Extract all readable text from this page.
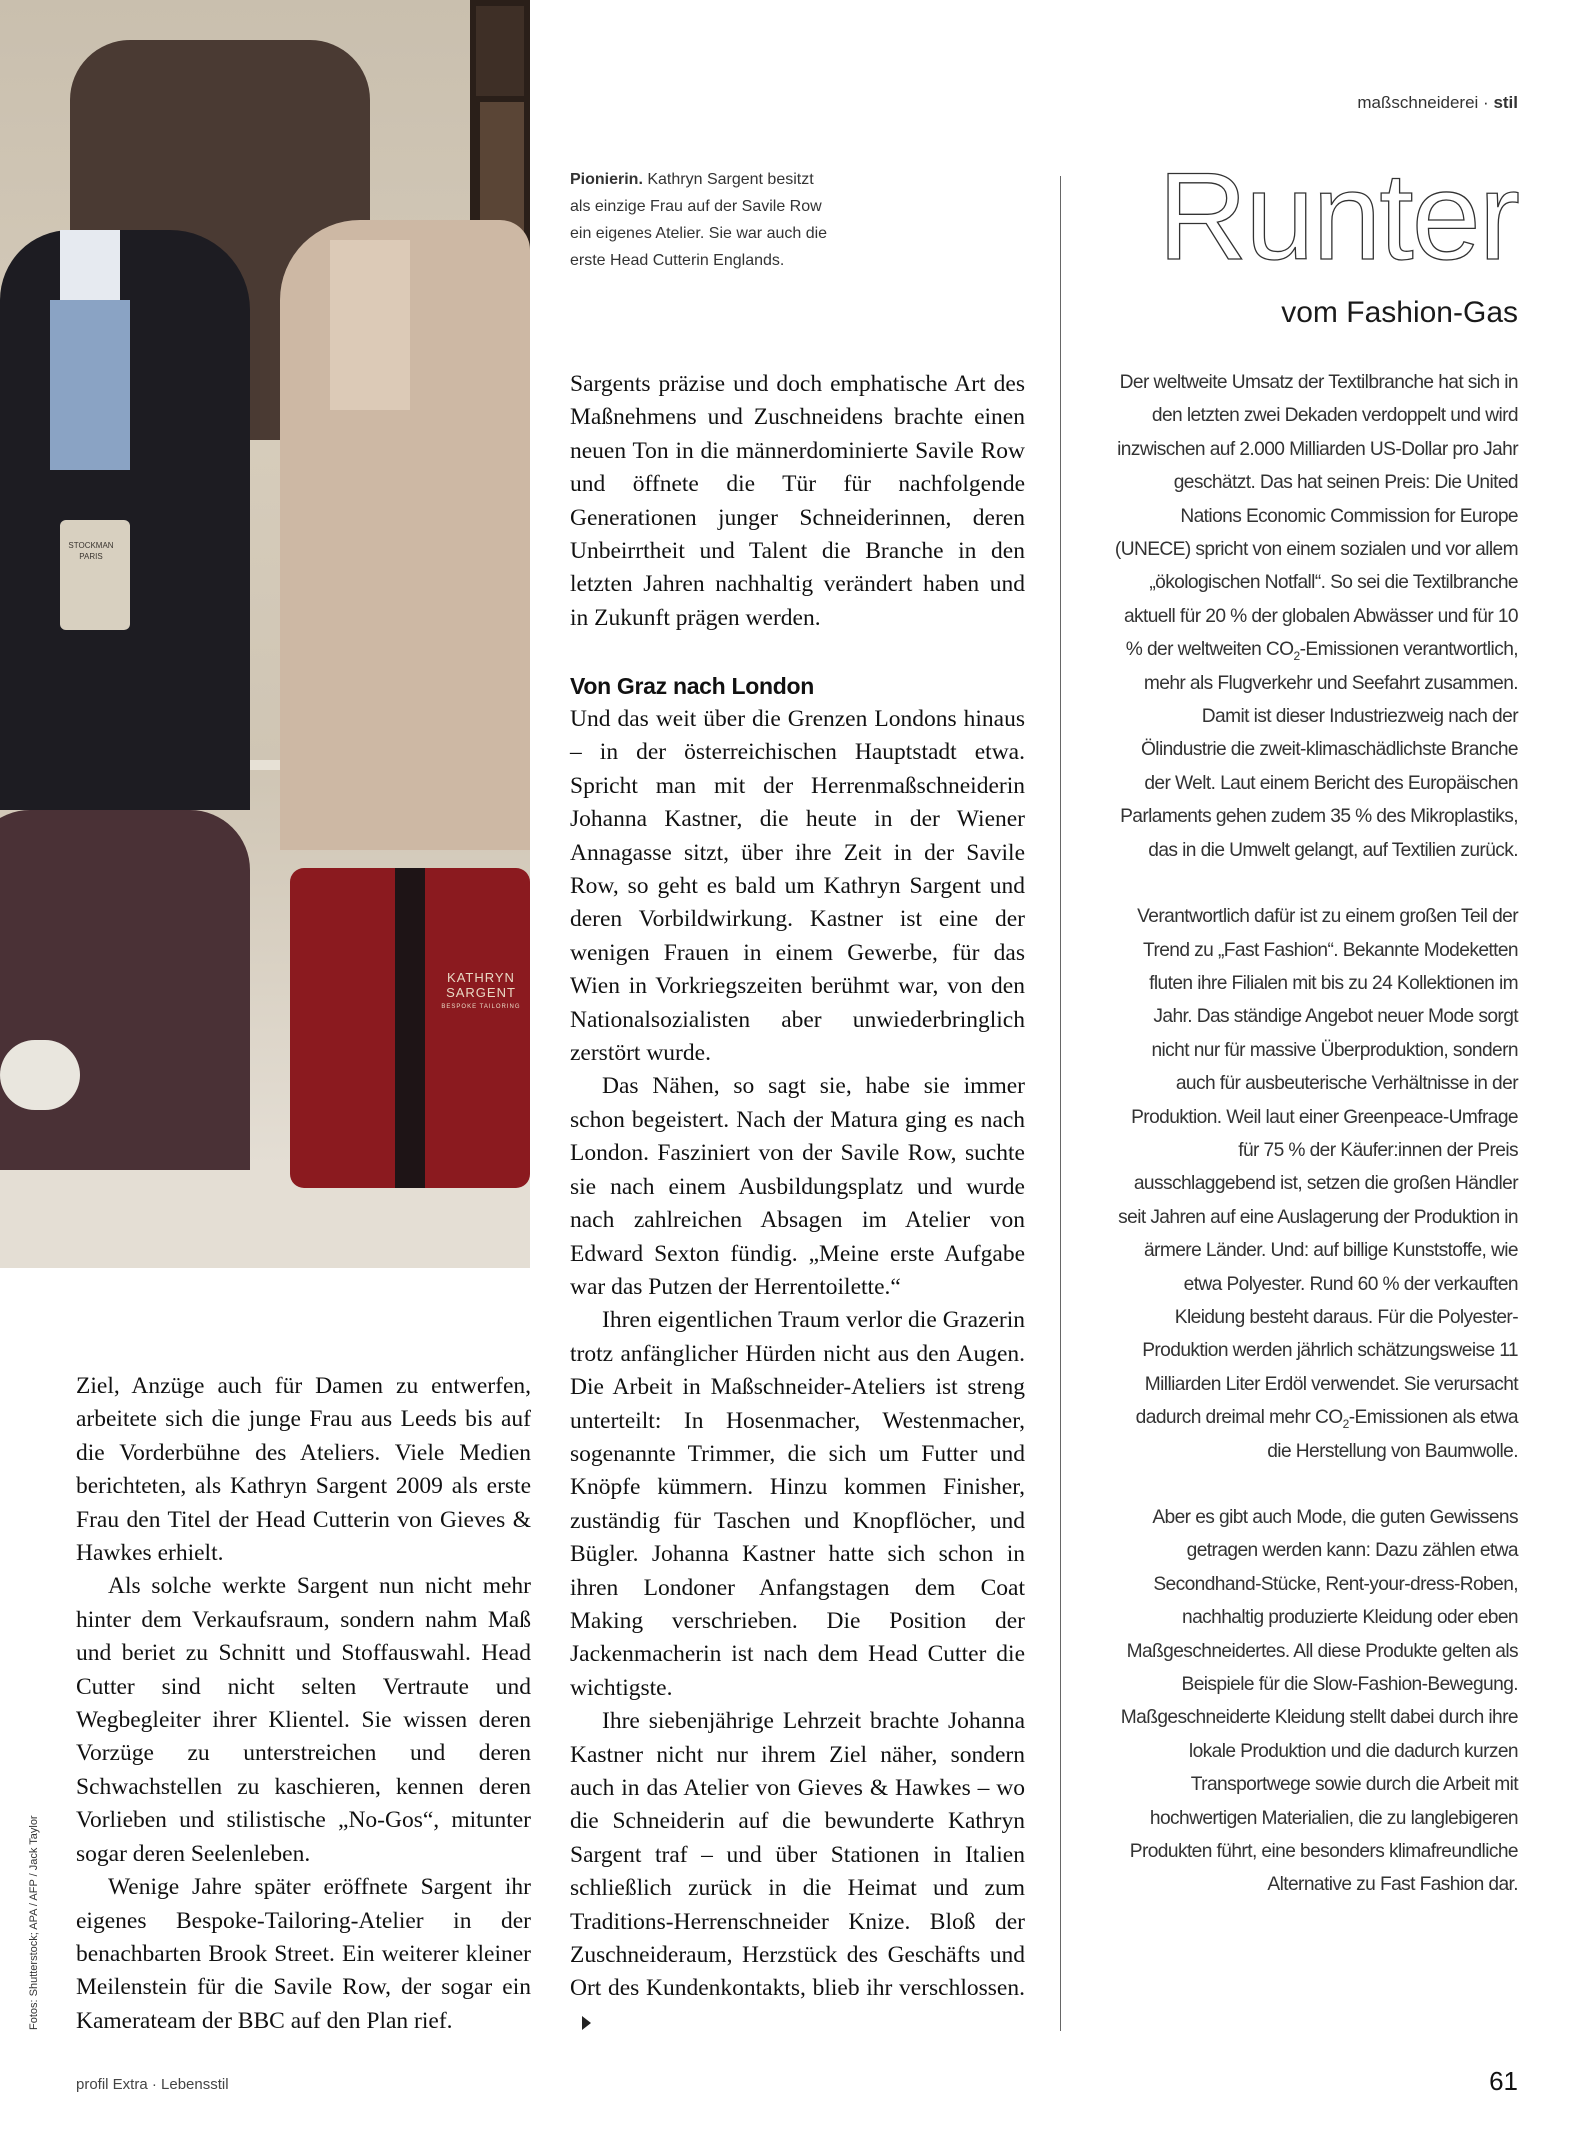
STOCKMAN PARIS
KATHRYN
SARGENT
BESPOKE TAILORING
Fotos: Shutterstock; APA / AFP / Jack Taylor
maßschneiderei · stil
Pionierin. Kathryn Sargent besitzt als einzige Frau auf der Savile Row ein eigenes Atelier. Sie war auch die erste Head Cutterin Englands.

Sargents präzise und doch emphatische Art des Maßnehmens und Zuschneidens brachte einen neuen Ton in die männerdominierte Savile Row und öffnete die Tür für nachfolgende Generationen junger Schneiderinnen, deren Unbeirrtheit und Talent die Branche in den letzten Jahren nachhaltig verändert haben und in Zukunft prägen werden.

Von Graz nach London

Und das weit über die Grenzen Londons hinaus – in der österreichischen Hauptstadt etwa. Spricht man mit der Herrenmaßschneiderin Johanna Kastner, die heute in der Wiener Annagasse sitzt, über ihre Zeit in der Savile Row, so geht es bald um Kathryn Sargent und deren Vorbildwirkung. Kastner ist eine der wenigen Frauen in einem Gewerbe, für das Wien in Vorkriegszeiten berühmt war, von den Nationalsozialisten aber unwiederbringlich zerstört wurde.

Das Nähen, so sagt sie, habe sie immer schon begeistert. Nach der Matura ging es nach London. Fasziniert von der Savile Row, suchte sie nach einem Ausbildungsplatz und wurde nach zahlreichen Absagen im Atelier von Edward Sexton fündig. „Meine erste Aufgabe war das Putzen der Herrentoilette.“

Ihren eigentlichen Traum verlor die Grazerin trotz anfänglicher Hürden nicht aus den Augen. Die Arbeit in Maßschneider-Ateliers ist streng unterteilt: In Hosenmacher, Westenmacher, sogenannte Trimmer, die sich um Futter und Knöpfe kümmern. Hinzu kommen Finisher, zuständig für Taschen und Knopflöcher, und Bügler. Johanna Kastner hatte sich schon in ihren Londoner Anfangstagen dem Coat Making verschrieben. Die Position der Jackenmacherin ist nach dem Head Cutter die wichtigste.

Ihre siebenjährige Lehrzeit brachte Johanna Kastner nicht nur ihrem Ziel näher, sondern auch in das Atelier von Gieves & Hawkes – wo die Schneiderin auf die bewunderte Kathryn Sargent traf – und über Stationen in Italien schließlich zurück in die Heimat und zum Traditions-Herrenschneider Knize. Bloß der Zuschneideraum, Herzstück des Geschäfts und Ort des Kundenkontakts, blieb ihr verschlossen.

Ziel, Anzüge auch für Damen zu entwerfen, arbeitete sich die junge Frau aus Leeds bis auf die Vorderbühne des Ateliers. Viele Medien berichteten, als Kathryn Sargent 2009 als erste Frau den Titel der Head Cutterin von Gieves & Hawkes erhielt.

Als solche werkte Sargent nun nicht mehr hinter dem Verkaufsraum, sondern nahm Maß und beriet zu Schnitt und Stoffauswahl. Head Cutter sind nicht selten Vertraute und Wegbegleiter ihrer Klientel. Sie wissen deren Vorzüge zu unterstreichen und deren Schwachstellen zu kaschieren, kennen deren Vorlieben und stilistische „No-Gos“, mitunter sogar deren Seelenleben.

Wenige Jahre später eröffnete Sargent ihr eigenes Bespoke-Tailoring-Atelier in der benachbarten Brook Street. Ein weiterer kleiner Meilenstein für die Savile Row, der sogar ein Kamerateam der BBC auf den Plan rief.

Runter
vom Fashion-Gas

Der weltweite Umsatz der Textilbranche hat sich in den letzten zwei Dekaden verdoppelt und wird inzwischen auf 2.000 Milliarden US-Dollar pro Jahr geschätzt. Das hat seinen Preis: Die United Nations Economic Commission for Europe (UNECE) spricht von einem sozialen und vor allem „ökologischen Notfall“. So sei die Textilbranche aktuell für 20 % der globalen Abwässer und für 10 % der weltweiten $CO_2$-Emissionen verantwortlich, mehr als Flugverkehr und Seefahrt zusammen. Damit ist dieser Industriezweig nach der Ölindustrie die zweit-klimaschädlichste Branche der Welt. Laut einem Bericht des Europäischen Parlaments gehen zudem 35 % des Mikroplastiks, das in die Umwelt gelangt, auf Textilien zurück.

Verantwortlich dafür ist zu einem großen Teil der Trend zu „Fast Fashion“. Bekannte Modeketten fluten ihre Filialen mit bis zu 24 Kollektionen im Jahr. Das ständige Angebot neuer Mode sorgt nicht nur für massive Überproduktion, sondern auch für ausbeuterische Verhältnisse in der Produktion. Weil laut einer Greenpeace-Umfrage für 75 % der Käufer:innen der Preis ausschlaggebend ist, setzen die großen Händler seit Jahren auf eine Auslagerung der Produktion in ärmere Länder. Und: auf billige Kunststoffe, wie etwa Polyester. Rund 60 % der verkauften Kleidung besteht daraus. Für die Polyester-Produktion werden jährlich schätzungsweise 11 Milliarden Liter Erdöl verwendet. Sie verursacht dadurch dreimal mehr $CO_2$-Emissionen als etwa die Herstellung von Baumwolle.

Aber es gibt auch Mode, die guten Gewissens getragen werden kann: Dazu zählen etwa Secondhand-Stücke, Rent-your-dress-Roben, nachhaltig produzierte Kleidung oder eben Maßgeschneidertes. All diese Produkte gelten als Beispiele für die Slow-Fashion-Bewegung. Maßgeschneiderte Kleidung stellt dabei durch ihre lokale Produktion und die dadurch kurzen Transportwege sowie durch die Arbeit mit hochwertigen Materialien, die zu langlebigeren Produkten führt, eine besonders klimafreundliche Alternative zu Fast Fashion dar.

profil Extra · Lebensstil	61
